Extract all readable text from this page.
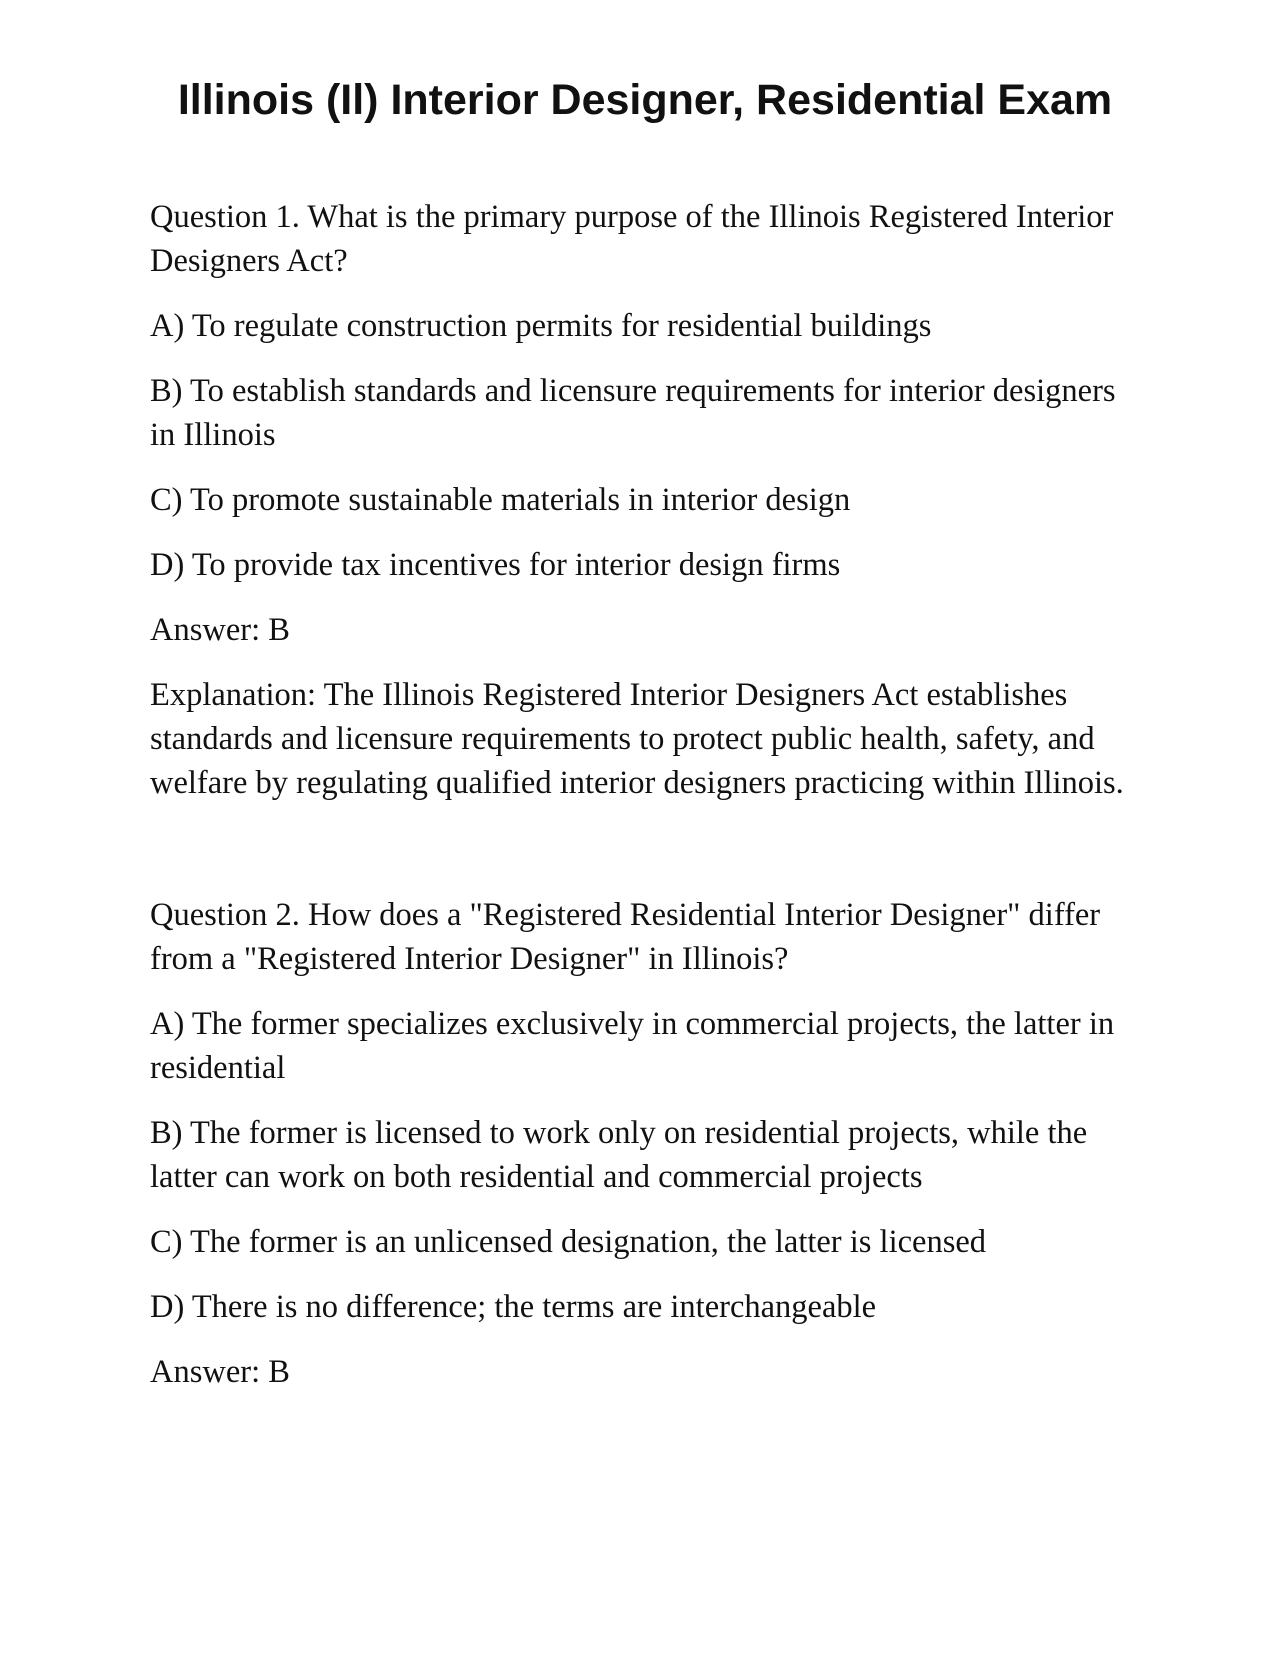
Illinois (Il) Interior Designer, Residential Exam

Question 1. What is the primary purpose of the Illinois Registered Interior Designers Act?

A) To regulate construction permits for residential buildings

B) To establish standards and licensure requirements for interior designers in Illinois

C) To promote sustainable materials in interior design

D) To provide tax incentives for interior design firms

Answer: B

Explanation: The Illinois Registered Interior Designers Act establishes standards and licensure requirements to protect public health, safety, and welfare by regulating qualified interior designers practicing within Illinois.

Question 2. How does a "Registered Residential Interior Designer" differ from a "Registered Interior Designer" in Illinois?

A) The former specializes exclusively in commercial projects, the latter in residential

B) The former is licensed to work only on residential projects, while the latter can work on both residential and commercial projects

C) The former is an unlicensed designation, the latter is licensed

D) There is no difference; the terms are interchangeable

Answer: B
